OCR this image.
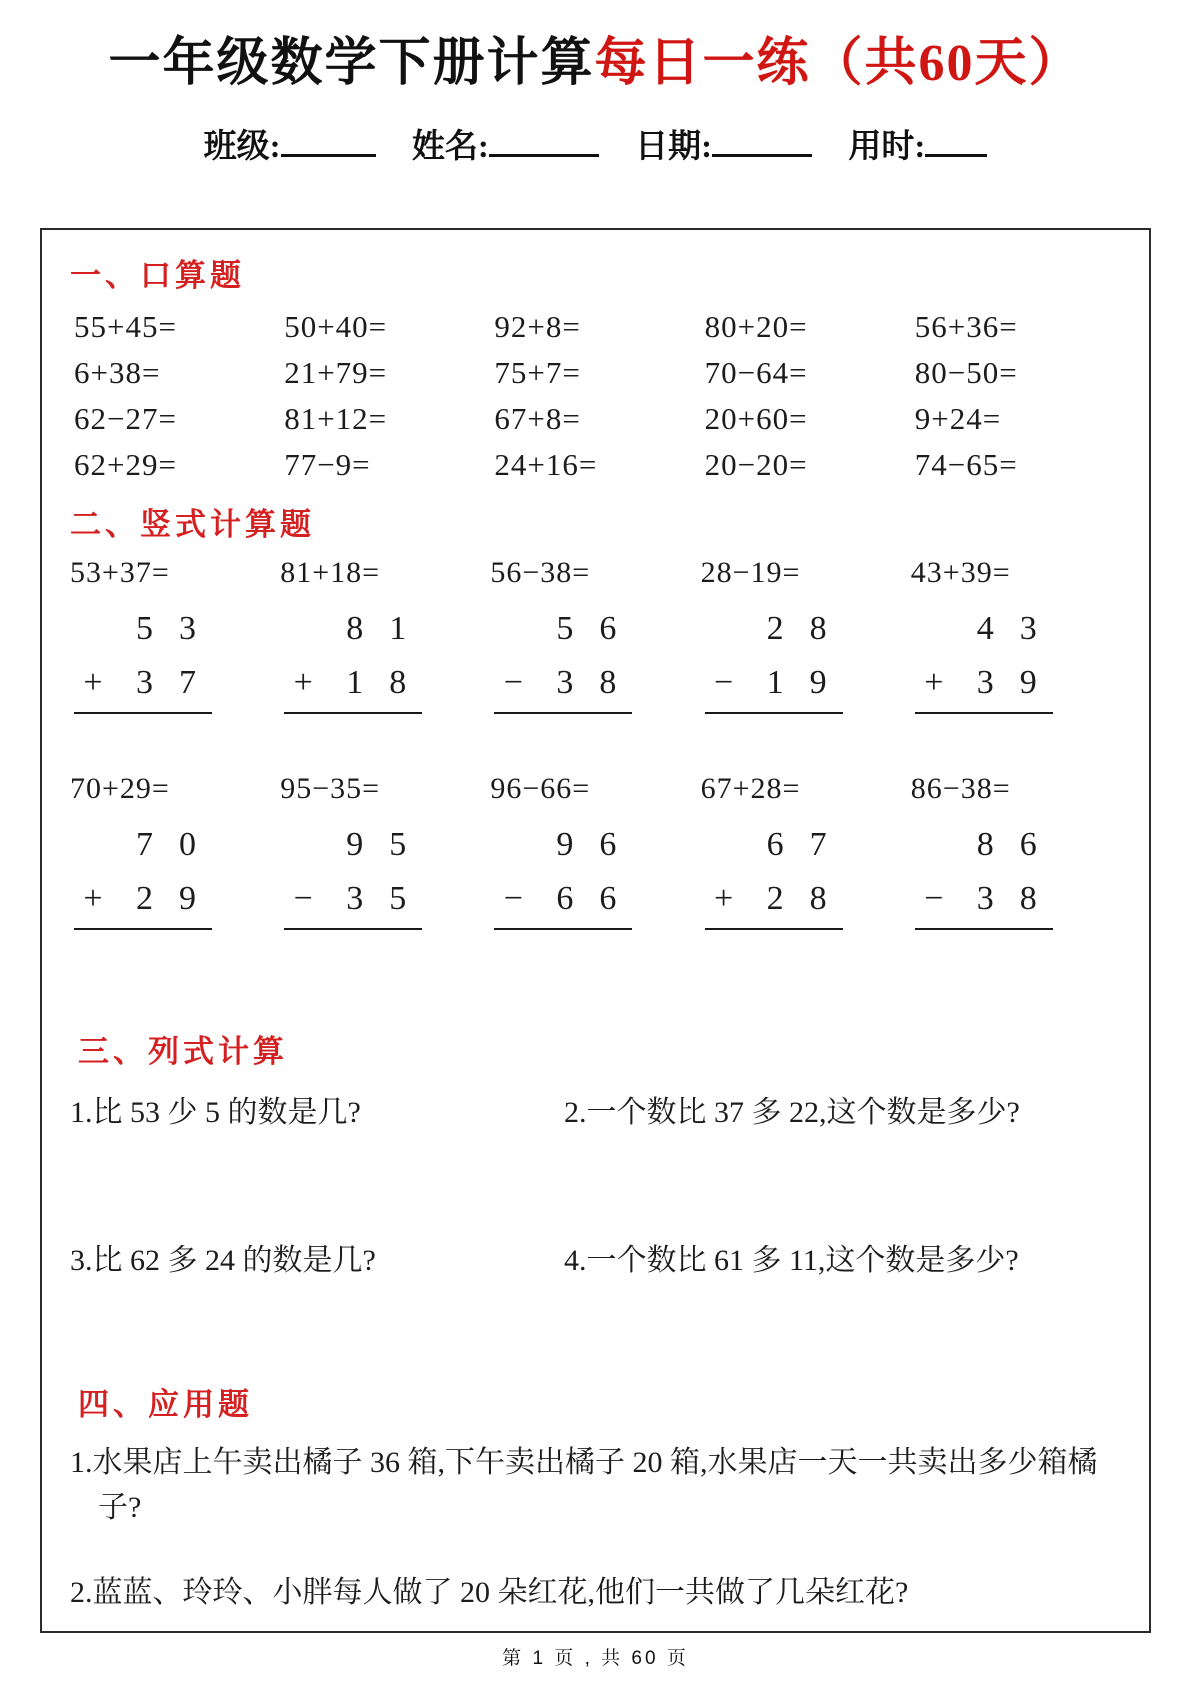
一年级数学下册计算每日一练（共60天）
班级:	姓名:	日期:	用时:
一、口算题
55+45=	50+40=	92+8=	80+20=	56+36=
6+38=	21+79=	75+7=	70−64=	80−50=
62−27=	81+12=	67+8=	20+60=	9+24=
62+29=	77−9=	24+16=	20−20=	74−65=
二、竖式计算题
53+37=
5 3
+ 3 7
81+18=
8 1
+ 1 8
56−38=
5 6
− 3 8
28−19=
2 8
− 1 9
43+39=
4 3
+ 3 9
70+29=
7 0
+ 2 9
95−35=
9 5
− 3 5
96−66=
9 6
− 6 6
67+28=
6 7
+ 2 8
86−38=
8 6
− 3 8
三、列式计算
1.比 53 少 5 的数是几?	2.一个数比 37 多 22,这个数是多少?
3.比 62 多 24 的数是几?	4.一个数比 61 多 11,这个数是多少?
四、应用题

1.水果店上午卖出橘子 36 箱,下午卖出橘子 20 箱,水果店一天一共卖出多少箱橘子?

2.蓝蓝、玲玲、小胖每人做了 20 朵红花,他们一共做了几朵红花?

第 1 页 , 共 60 页
